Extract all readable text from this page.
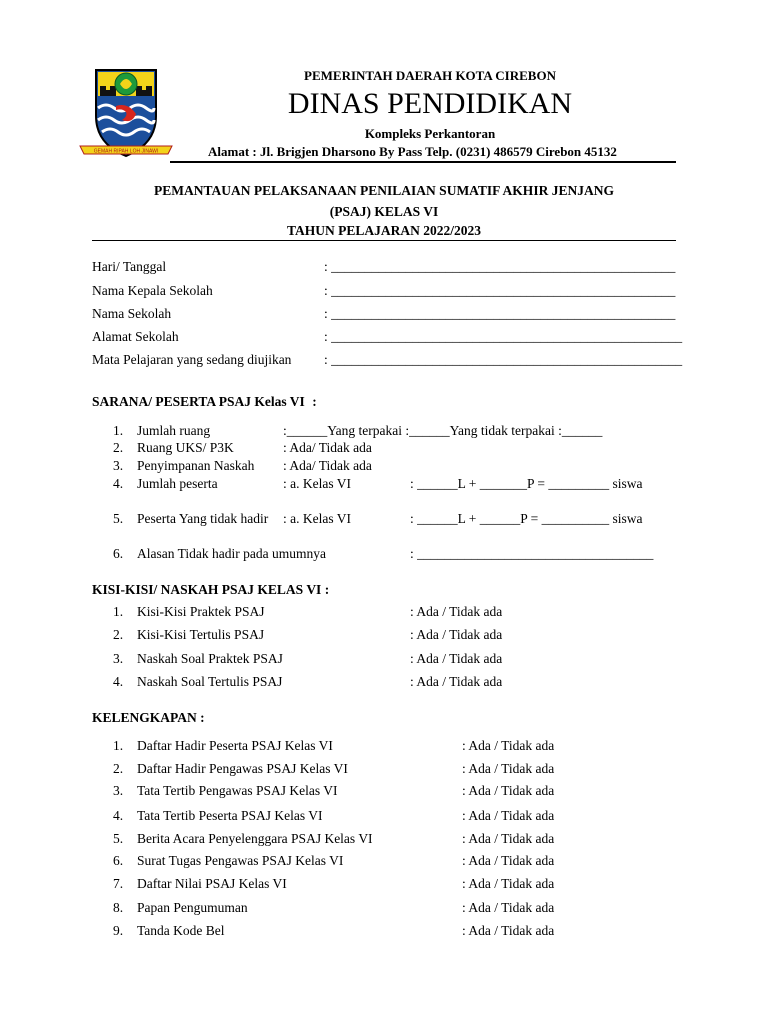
GEMAH RIPAH LOH JINAWI
PEMERINTAH DAERAH KOTA CIREBON
DINAS PENDIDIKAN
Kompleks Perkantoran
Alamat : Jl. Brigjen Dharsono By Pass Telp. (0231) 486579 Cirebon 45132
PEMANTAUAN PELAKSANAAN PENILAIAN SUMATIF AKHIR JENJANG
(PSAJ) KELAS VI
TAHUN PELAJARAN 2022/2023
Hari/ Tanggal	: ___________________________________________________
Nama Kepala Sekolah	: ___________________________________________________
Nama Sekolah	: ___________________________________________________
Alamat Sekolah	: ____________________________________________________
Mata Pelajaran yang sedang diujikan : ____________________________________________________
SARANA/ PESERTA PSAJ Kelas VI :
1. Jumlah ruang	:______Yang terpakai :______Yang tidak terpakai :______
2. Ruang UKS/ P3K	: Ada/ Tidak ada
3. Penyimpanan Naskah : Ada/ Tidak ada
4. Jumlah peserta	: a. Kelas VI	: ______L + _______P = _________ siswa
5. Peserta Yang tidak hadir : a. Kelas VI	: ______L + ______P = __________ siswa
6. Alasan Tidak hadir pada umumnya	: ___________________________________
KISI-KISI/ NASKAH PSAJ KELAS VI :
1. Kisi-Kisi Praktek PSAJ	: Ada / Tidak ada
2. Kisi-Kisi Tertulis PSAJ	: Ada / Tidak ada
3. Naskah Soal Praktek PSAJ	: Ada / Tidak ada
4. Naskah Soal Tertulis PSAJ	: Ada / Tidak ada
KELENGKAPAN :
1. Daftar Hadir Peserta PSAJ Kelas VI	: Ada / Tidak ada
2. Daftar Hadir Pengawas PSAJ Kelas VI	: Ada / Tidak ada
3. Tata Tertib Pengawas PSAJ Kelas VI	: Ada / Tidak ada
4. Tata Tertib Peserta PSAJ Kelas VI	: Ada / Tidak ada
5. Berita Acara Penyelenggara PSAJ Kelas VI	: Ada / Tidak ada
6. Surat Tugas Pengawas PSAJ Kelas VI	: Ada / Tidak ada
7. Daftar Nilai PSAJ Kelas VI	: Ada / Tidak ada
8. Papan Pengumuman	: Ada / Tidak ada
9. Tanda Kode Bel	: Ada / Tidak ada
